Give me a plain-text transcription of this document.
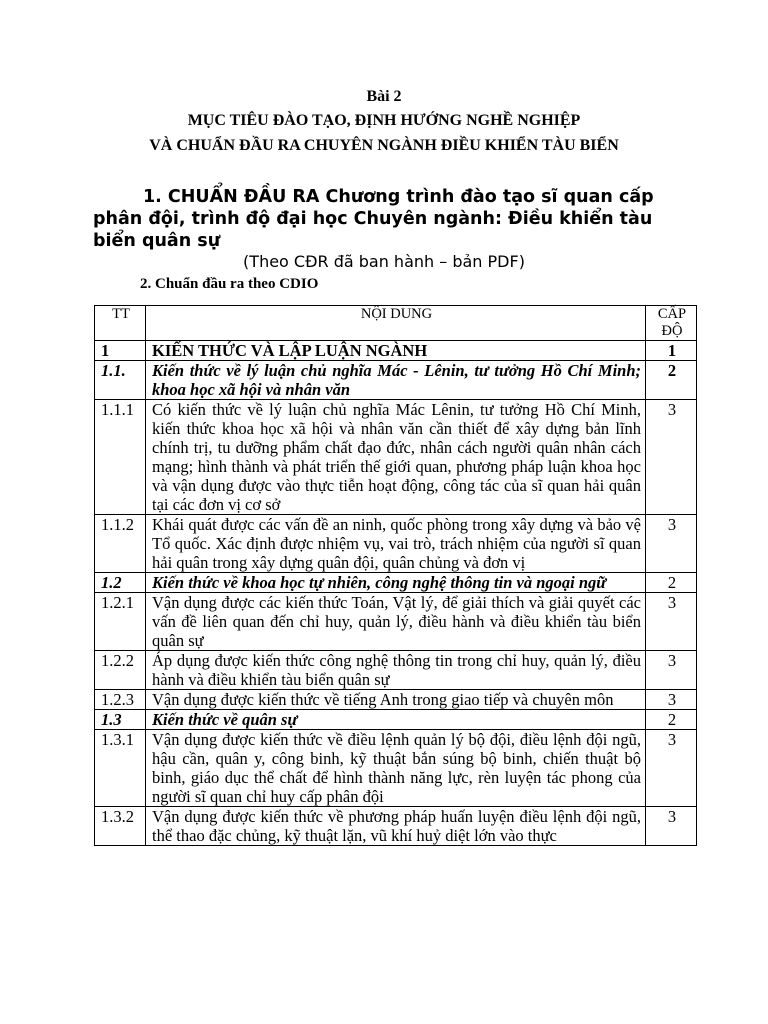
Bài 2
MỤC TIÊU ĐÀO TẠO, ĐỊNH HƯỚNG NGHỀ NGHIỆP
VÀ CHUẨN ĐẦU RA CHUYÊN NGÀNH ĐIỀU KHIỂN TÀU BIỂN
1. CHUẨN ĐẦU RA Chương trình đào tạo sĩ quan cấp phân đội, trình độ đại học Chuyên ngành: Điều khiển tàu biển quân sự
(Theo CĐR đã ban hành – bản PDF)
2. Chuẩn đầu ra theo CDIO
TT	NỘI DUNG	CẤP ĐỘ
1	KIẾN THỨC VÀ LẬP LUẬN NGÀNH	1
1.1.	Kiến thức về lý luận chủ nghĩa Mác - Lênin, tư tưởng Hồ Chí Minh; khoa học xã hội và nhân văn	2
1.1.1	Có kiến thức về lý luận chủ nghĩa Mác Lênin, tư tưởng Hồ Chí Minh, kiến thức khoa học xã hội và nhân văn cần thiết để xây dựng bản lĩnh chính trị, tu dưỡng phẩm chất đạo đức, nhân cách người quân nhân cách mạng; hình thành và phát triển thế giới quan, phương pháp luận khoa học và vận dụng được vào thực tiễn hoạt động, công tác của sĩ quan hải quân tại các đơn vị cơ sở	3
1.1.2	Khái quát được các vấn đề an ninh, quốc phòng trong xây dựng và bảo vệ Tổ quốc. Xác định được nhiệm vụ, vai trò, trách nhiệm của người sĩ quan hải quân trong xây dựng quân đội, quân chủng và đơn vị	3
1.2	Kiến thức về khoa học tự nhiên, công nghệ thông tin và ngoại ngữ	2
1.2.1	Vận dụng được các kiến thức Toán, Vật lý, để giải thích và giải quyết các vấn đề liên quan đến chỉ huy, quản lý, điều hành và điều khiển tàu biển quân sự	3
1.2.2	Áp dụng được kiến thức công nghệ thông tin trong chỉ huy, quản lý, điều hành và điều khiển tàu biển quân sự	3
1.2.3	Vận dụng được kiến thức về tiếng Anh trong giao tiếp và chuyên môn	3
1.3	Kiến thức về quân sự	2
1.3.1	Vận dụng được kiến thức về điều lệnh quản lý bộ đội, điều lệnh đội ngũ, hậu cần, quân y, công binh, kỹ thuật bắn súng bộ binh, chiến thuật bộ binh, giáo dục thể chất để hình thành năng lực, rèn luyện tác phong của người sĩ quan chỉ huy cấp phân đội	3
1.3.2	Vận dụng được kiến thức về phương pháp huấn luyện điều lệnh đội ngũ, thể thao đặc chủng, kỹ thuật lặn, vũ khí huỷ diệt lớn vào thực	3
